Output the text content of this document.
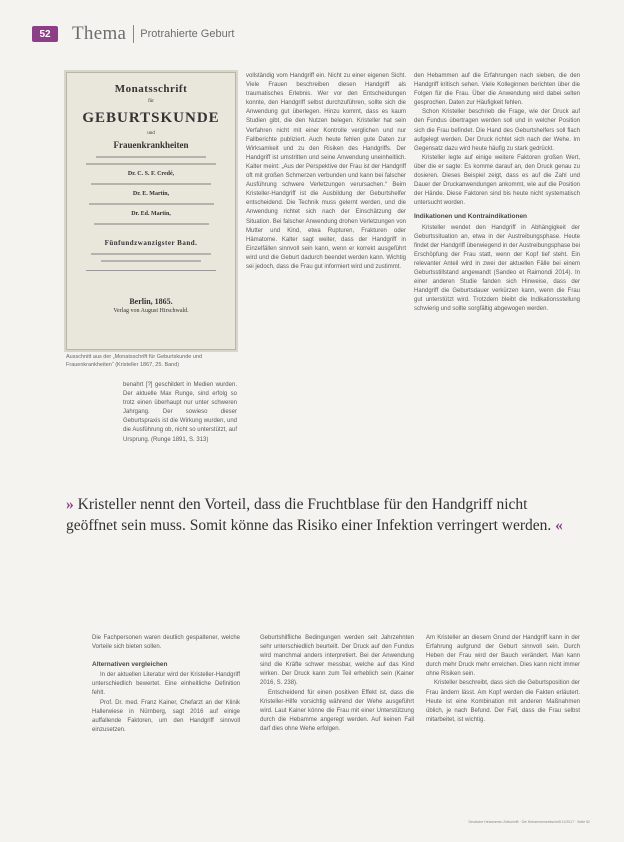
52	Thema Protrahierte Geburt
Monatsschrift
für
GEBURTSKUNDE
und
Frauenkrankheiten
Dr. C. S. F. Credé,
Dr. E. Martin,
Dr. Ed. Martin,
Fünfundzwanzigster Band.
Berlin, 1865.
Verlag von August Hirschwald.
Ausschnitt aus der „Monatsschrift für Geburtskunde und Frauenkrankheiten“ (Kristeller 1867, 25. Band)

benahrt [?] geschildert in Medien wurden. Der aktuelle Max Runge, sind erfolg so trotz einen überhaupt nur unter schweren Jahrgang. Der sowieso dieser Geburtspraxis ist die Wirkung wurden, und die Ausführung ob, nicht so unterstützt, auf Ursprung. (Runge 1891, S. 313)

vollständig vom Handgriff ein. Nicht zu einer eigenen Sicht. Viele Frauen beschreiben diesen Handgriff als traumatisches Erlebnis. Wer vor den Entscheidungen konnte, den Handgriff selbst durchzuführen, sollte sich die Anwendung gut überlegen. Hinzu kommt, dass es kaum Studien gibt, die den Nutzen belegen. Kristeller hat sein Verfahren nicht mit einer Kontrolle verglichen und nur Fallberichte publiziert. Auch heute fehlen gute Daten zur Wirksamkeit und zu den Risiken des Handgriffs. Der Handgriff ist umstritten und seine Anwendung uneinheitlich. Kalter meint: „Aus der Perspektive der Frau ist der Handgriff oft mit großen Schmerzen verbunden und kann bei falscher Ausführung schwere Verletzungen verursachen.“ Beim Kristeller-Handgriff ist die Ausbildung der Geburtshelfer entscheidend. Die Technik muss gelernt werden, und die Anwendung richtet sich nach der Einschätzung der Situation. Bei falscher Anwendung drohen Verletzungen von Mutter und Kind, etwa Rupturen, Frakturen oder Hämatome. Kalter sagt weiter, dass der Handgriff in Einzelfällen sinnvoll sein kann, wenn er korrekt ausgeführt wird und die Geburt dadurch beendet werden kann. Wichtig sei jedoch, dass die Frau gut informiert wird und zustimmt.

den Hebammen auf die Erfahrungen nach sieben, die den Handgriff kritisch sehen. Viele Kolleginnen berichten über die Folgen für die Frau. Über die Anwendung wird dabei selten gesprochen. Daten zur Häufigkeit fehlen.

Schon Kristeller beschrieb die Frage, wie der Druck auf den Fundus übertragen werden soll und in welcher Position sich die Frau befindet. Die Hand des Geburtshelfers soll flach aufgelegt werden. Der Druck richtet sich nach der Wehe. Im Gegensatz dazu wird heute häufig zu stark gedrückt.

Kristeller legte auf einige weitere Faktoren großen Wert, über die er sagte: Es komme darauf an, den Druck genau zu dosieren. Dieses Beispiel zeigt, dass es auf die Zahl und Dauer der Druckanwendungen ankommt, wie auf die Position der Hände. Diese Faktoren sind bis heute nicht systematisch untersucht worden.

Indikationen und Kontraindikationen

Kristeller wendet den Handgriff in Abhängigkeit der Geburtssituation an, etwa in der Austreibungsphase. Heute findet der Handgriff überwiegend in der Austreibungsphase bei Erschöpfung der Frau statt, wenn der Kopf tief steht. Ein relevanter Anteil wird in zwei der aktuellen Fälle bei einem Geburtsstillstand angewandt (Sandeo et Raimondi 2014). In einer anderen Studie fanden sich Hinweise, dass der Handgriff die Geburtsdauer verkürzen kann, wenn die Frau gut unterstützt wird. Trotzdem bleibt die Indikationsstellung schwierig und sollte sorgfältig abgewogen werden.

» Kristeller nennt den Vorteil, dass die Fruchtblase für den Handgriff nicht geöffnet sein muss. Somit könne das Risiko einer Infektion verringert werden. «

Die Fachpersonen waren deutlich gespaltener, welche Vorteile sich bieten sollen.

Alternativen vergleichen

In der aktuellen Literatur wird der Kristeller-Handgriff unterschiedlich bewertet. Eine einheitliche Definition fehlt.

Prof. Dr. med. Franz Kainer, Chefarzt an der Klinik Hallerwiese in Nürnberg, sagt 2016 auf einige auffallende Faktoren, um den Handgriff sinnvoll einzusetzen.

Geburtshilfliche Bedingungen werden seit Jahrzehnten sehr unterschiedlich beurteilt. Der Druck auf den Fundus wird manchmal anders interpretiert. Bei der Anwendung sind die Kräfte schwer messbar, welche auf das Kind wirken. Der Druck kann zum Teil erheblich sein (Kainer 2016, S. 238).

Entscheidend für einen positiven Effekt ist, dass die Kristeller-Hilfe vorsichtig während der Wehe ausgeführt wird. Laut Kainer könne die Frau mit einer Unterstützung durch die Hebamme angeregt werden. Auf keinen Fall darf dies ohne Wehe erfolgen.

Am Kristeller an diesem Grund der Handgriff kann in der Erfahrung aufgrund der Geburt sinnvoll sein. Durch Heben der Frau wird der Bauch verändert. Man kann durch mehr Druck mehr erreichen. Dies kann nicht immer ohne Risiken sein.

Kristeller beschreibt, dass sich die Geburtsposition der Frau ändern lässt. Am Kopf werden die Fakten erläutert. Heute ist eine Kombination mit anderen Maßnahmen üblich, je nach Befund. Der Fall, dass die Frau selbst mitarbeitet, ist wichtig.

Deutsche Hebammen Zeitschrift · Die Hebammenzeitschrift 11/2017 · Seite 52
